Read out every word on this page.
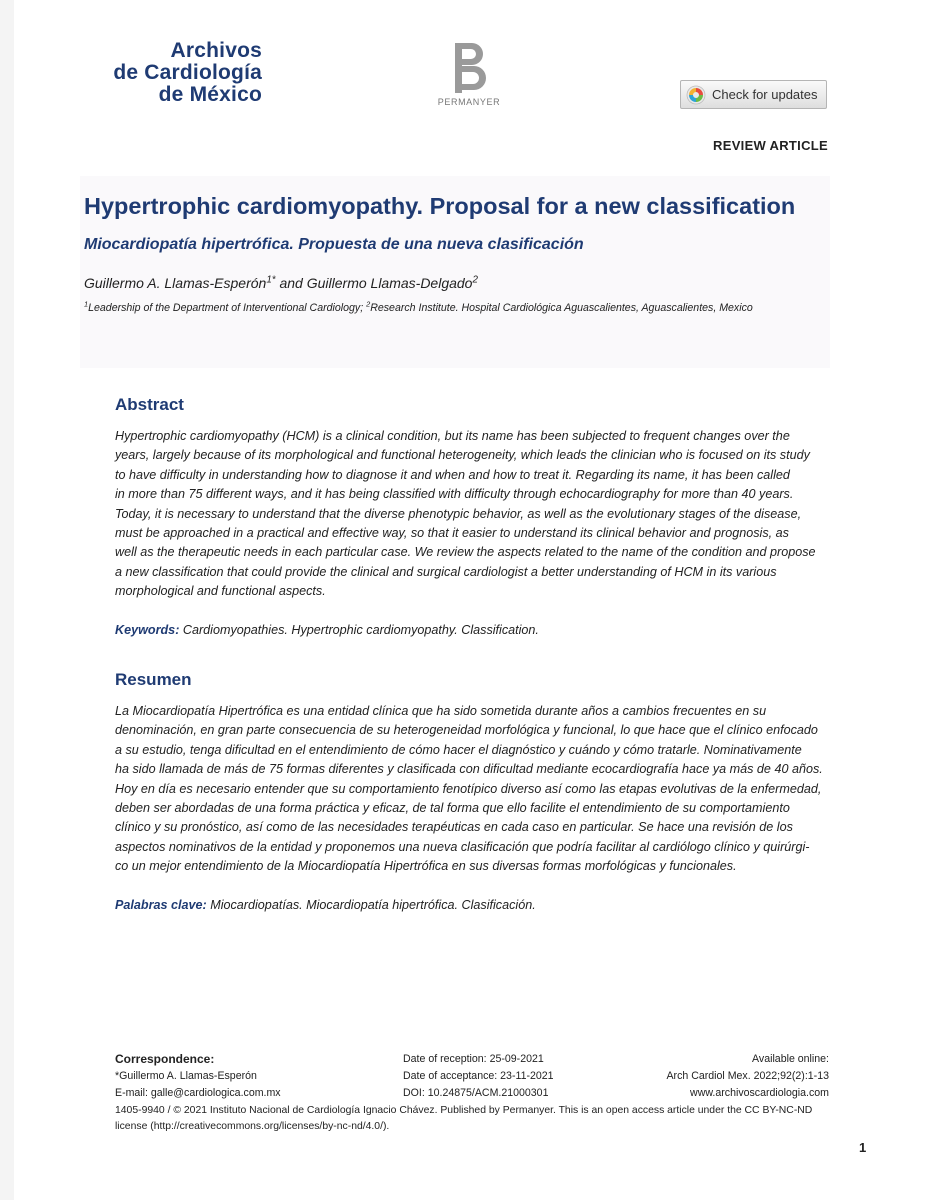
Archivos
de Cardiología
de México	PERMANYER	Check for updates
REVIEW ARTICLE
Hypertrophic cardiomyopathy. Proposal for a new classification
Miocardiopatía hipertrófica. Propuesta de una nueva clasificación
Guillermo A. Llamas-Esperón$^{1*}$ and Guillermo Llamas-Delgado$^2$
$^1$Leadership of the Department of Interventional Cardiology; $^2$Research Institute. Hospital Cardiológica Aguascalientes, Aguascalientes, Mexico
Abstract
Hypertrophic cardiomyopathy (HCM) is a clinical condition, but its name has been subjected to frequent changes over the
years, largely because of its morphological and functional heterogeneity, which leads the clinician who is focused on its study
to have difficulty in understanding how to diagnose it and when and how to treat it. Regarding its name, it has been called
in more than 75 different ways, and it has being classified with difficulty through echocardiography for more than 40 years.
Today, it is necessary to understand that the diverse phenotypic behavior, as well as the evolutionary stages of the disease,
must be approached in a practical and effective way, so that it easier to understand its clinical behavior and prognosis, as
well as the therapeutic needs in each particular case. We review the aspects related to the name of the condition and propose
a new classification that could provide the clinical and surgical cardiologist a better understanding of HCM in its various
morphological and functional aspects.
Keywords: Cardiomyopathies. Hypertrophic cardiomyopathy. Classification.
Resumen
La Miocardiopatía Hipertrófica es una entidad clínica que ha sido sometida durante años a cambios frecuentes en su
denominación, en gran parte consecuencia de su heterogeneidad morfológica y funcional, lo que hace que el clínico enfocado
a su estudio, tenga dificultad en el entendimiento de cómo hacer el diagnóstico y cuándo y cómo tratarle. Nominativamente
ha sido llamada de más de 75 formas diferentes y clasificada con dificultad mediante ecocardiografía hace ya más de 40 años.
Hoy en día es necesario entender que su comportamiento fenotípico diverso así como las etapas evolutivas de la enfermedad,
deben ser abordadas de una forma práctica y eficaz, de tal forma que ello facilite el entendimiento de su comportamiento
clínico y su pronóstico, así como de las necesidades terapéuticas en cada caso en particular. Se hace una revisión de los
aspectos nominativos de la entidad y proponemos una nueva clasificación que podría facilitar al cardiólogo clínico y quirúrgi-
co un mejor entendimiento de la Miocardiopatía Hipertrófica en sus diversas formas morfológicas y funcionales.
Palabras clave: Miocardiopatías. Miocardiopatía hipertrófica. Clasificación.
Correspondence:
*Guillermo A. Llamas-Esperón
E-mail: galle@cardiologica.com.mx
Date of reception: 25-09-2021
Date of acceptance: 23-11-2021
DOI: 10.24875/ACM.21000301
Available online:
Arch Cardiol Mex. 2022;92(2):1-13
www.archivoscardiologia.com
1405-9940 / © 2021 Instituto Nacional de Cardiología Ignacio Chávez. Published by Permanyer. This is an open access article under the CC BY-NC-ND
license (http://creativecommons.org/licenses/by-nc-nd/4.0/).
1
